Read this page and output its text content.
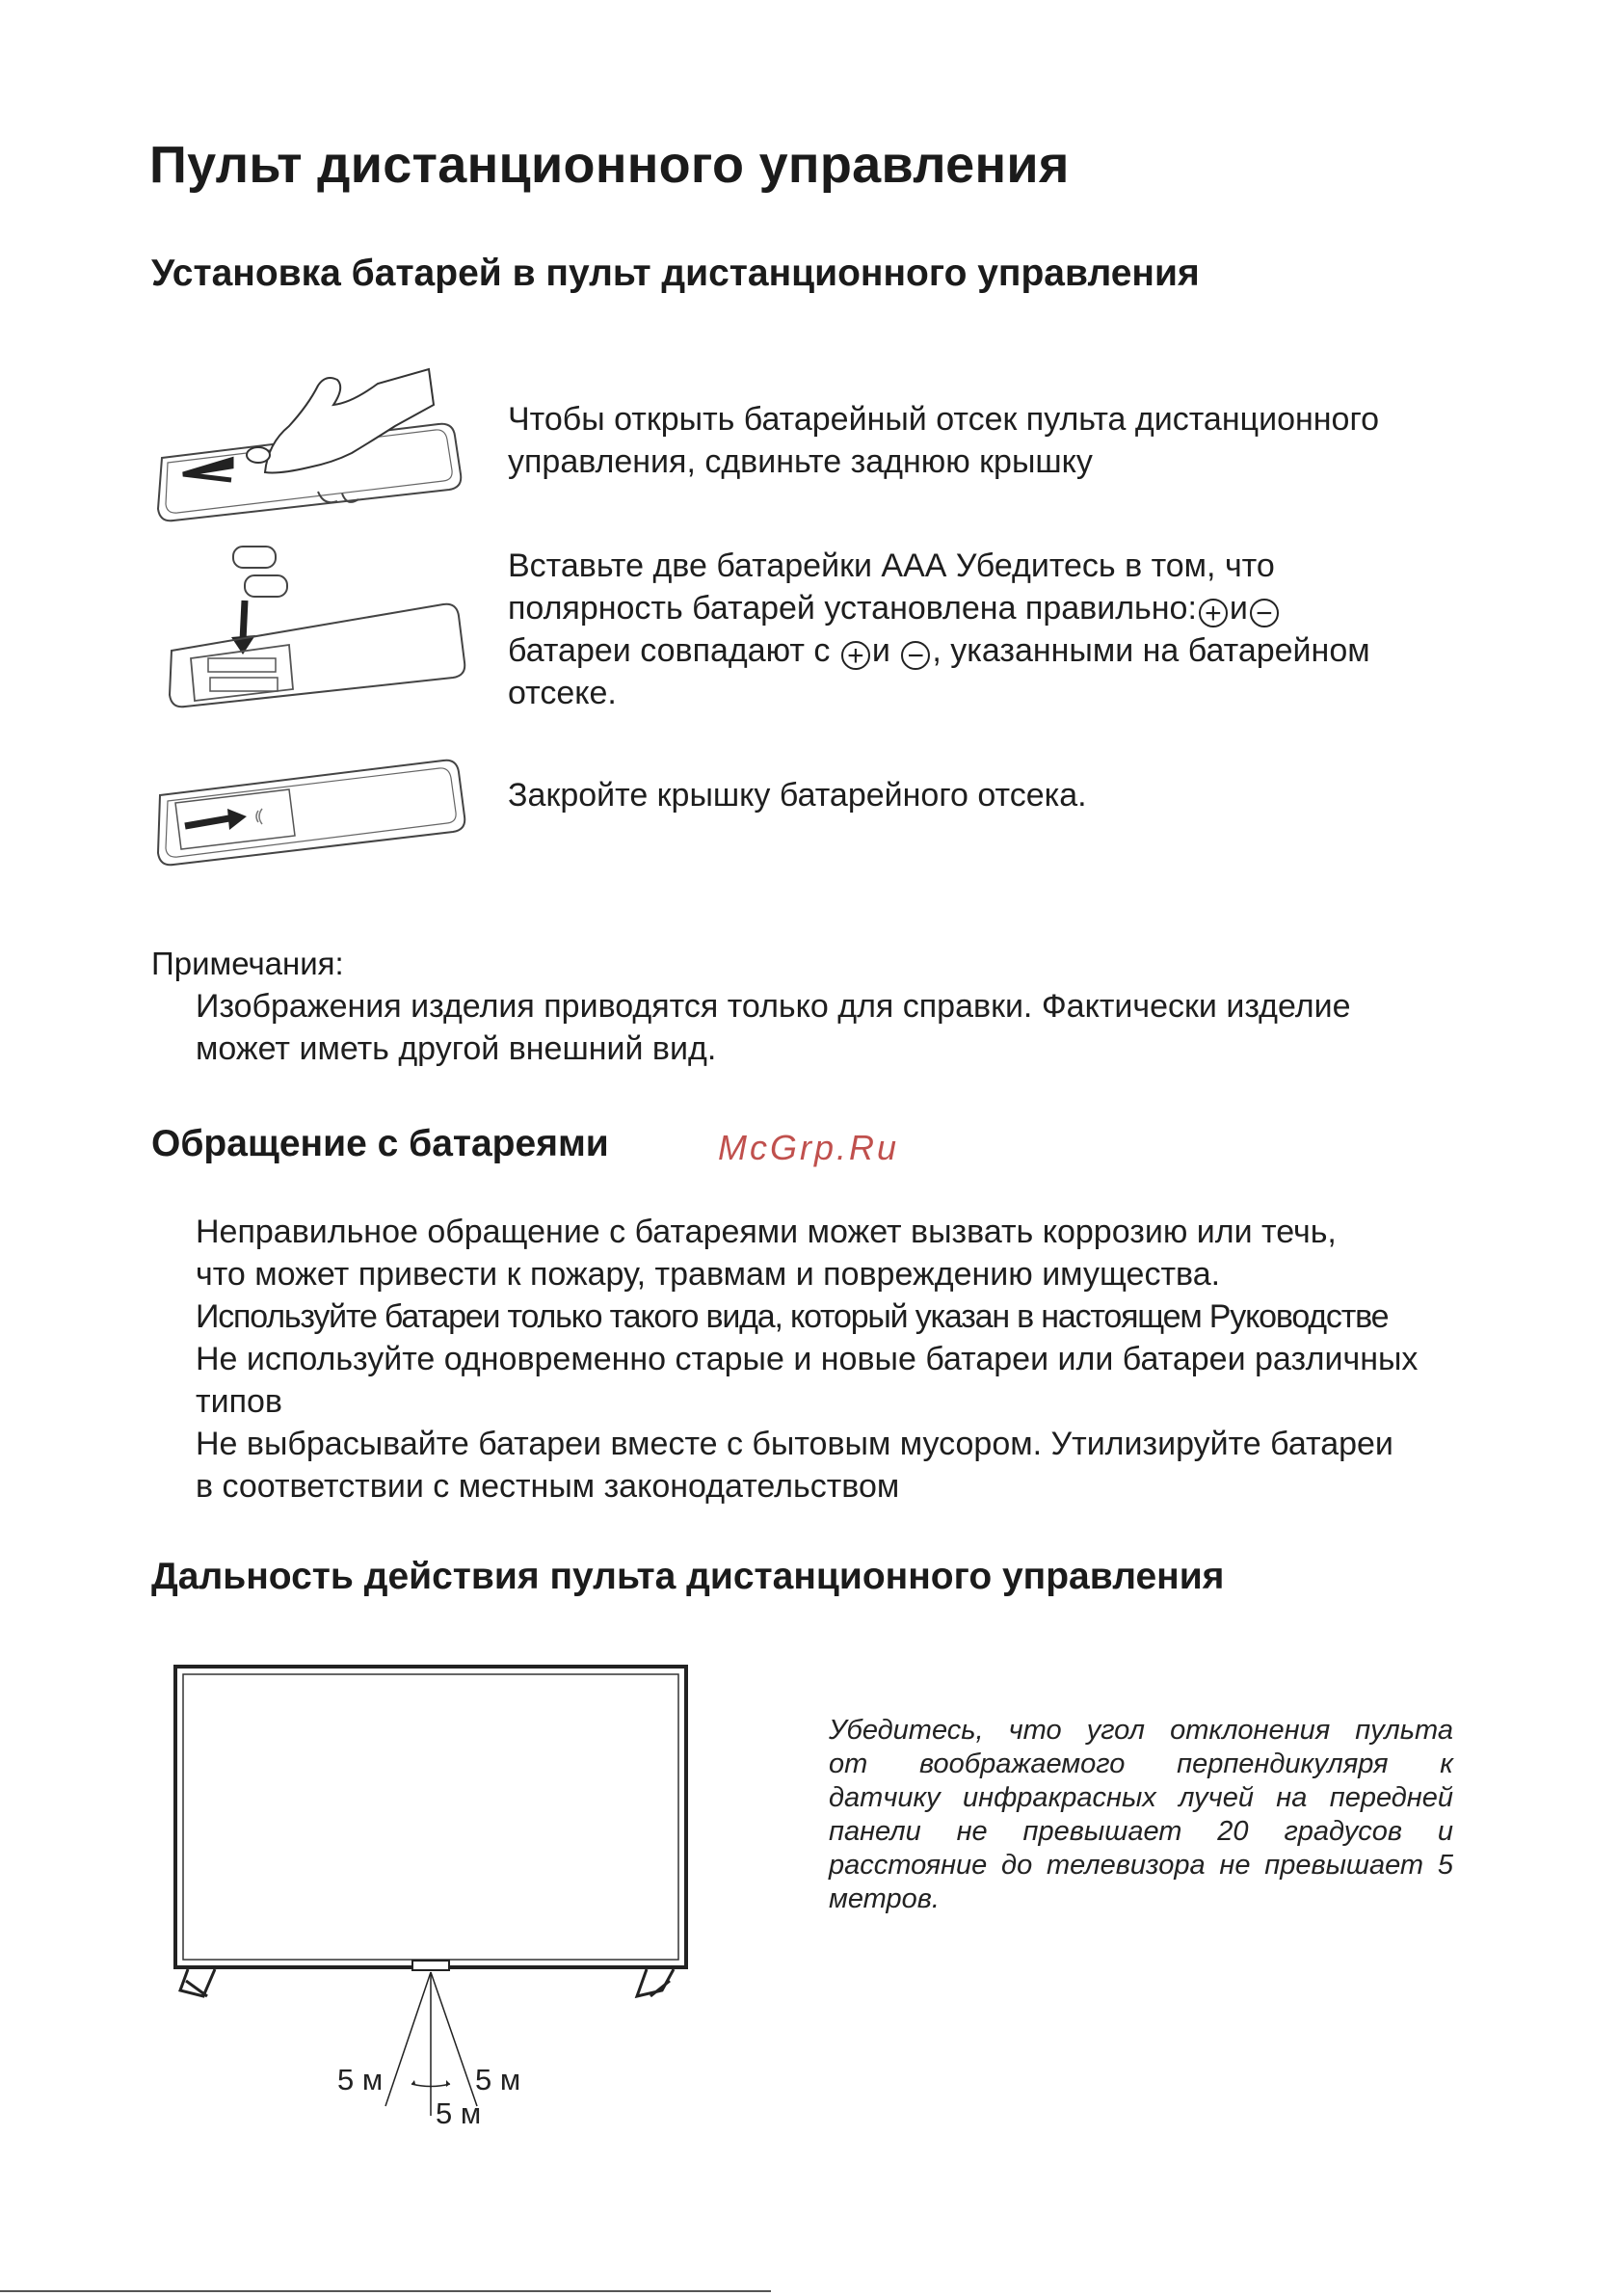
Пульт дистанционного управления
Установка батарей в пульт дистанционного управления

Чтобы открыть батарейный отсек пульта дистанционного

управления, сдвиньте заднюю крышку

Вставьте две батарейки ААА Убедитесь в том, что

полярность батарей установлена правильно: + и −

батареи совпадают с + и − , указанными на батарейном

отсеке.

Закройте крышку батарейного отсека.

Примечания:

Изображения изделия приводятся только для справки. Фактически изделие

может иметь другой внешний вид.

Обращение с батареями	McGrp.Ru

Неправильное обращение с батареями может вызвать коррозию или течь,

что может привести к пожару, травмам и повреждению имущества.

Используйте батареи только такого вида, который указан в настоящем Руководстве

Не используйте одновременно старые и новые батареи или батареи различных

типов

Не выбрасывайте батареи вместе с бытовым мусором. Утилизируйте батареи

в соответствии с местным законодательством

Дальность действия пульта дистанционного управления
5 м	5 м
5 м
Убедитесь, что угол отклонения пульта
от воображаемого перпендикуляря к
датчику инфракрасных лучей на передней
панели не превышает 20 градусов и
расстояние до телевизора не превышает 5
метров.
